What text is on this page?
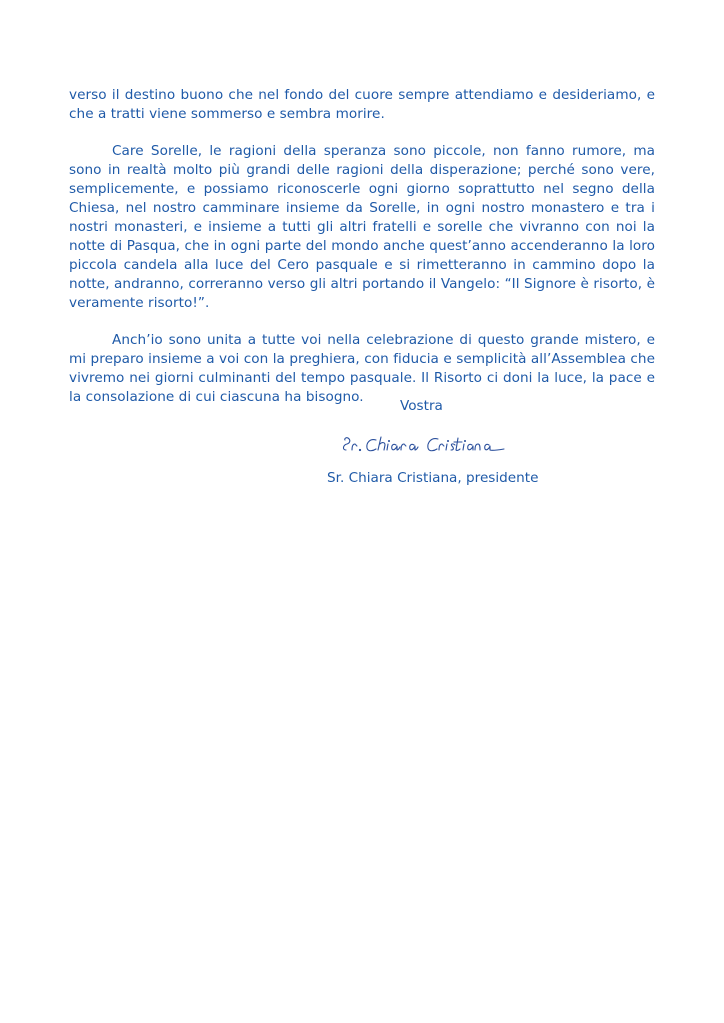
verso il destino buono che nel fondo del cuore sempre attendiamo e desideriamo, e che a tratti viene sommerso e sembra morire.

Care Sorelle, le ragioni della speranza sono piccole, non fanno rumore, ma sono in realtà molto più grandi delle ragioni della disperazione; perché sono vere, semplicemente, e possiamo riconoscerle ogni giorno soprattutto nel segno della Chiesa, nel nostro camminare insieme da Sorelle, in ogni nostro monastero e tra i nostri monasteri, e insieme a tutti gli altri fratelli e sorelle che vivranno con noi la notte di Pasqua, che in ogni parte del mondo anche quest’anno accenderanno la loro piccola candela alla luce del Cero pasquale e si rimetteranno in cammino dopo la notte, andranno, correranno verso gli altri portando il Vangelo: “Il Signore è risorto, è veramente risorto!”.

Anch’io sono unita a tutte voi nella celebrazione di questo grande mistero, e mi preparo insieme a voi con la preghiera, con fiducia e semplicità all’Assemblea che vivremo nei giorni culminanti del tempo pasquale. Il Risorto ci doni la luce, la pace e la consolazione di cui ciascuna ha bisogno.

Vostra
Sr. Chiara Cristiana, presidente
